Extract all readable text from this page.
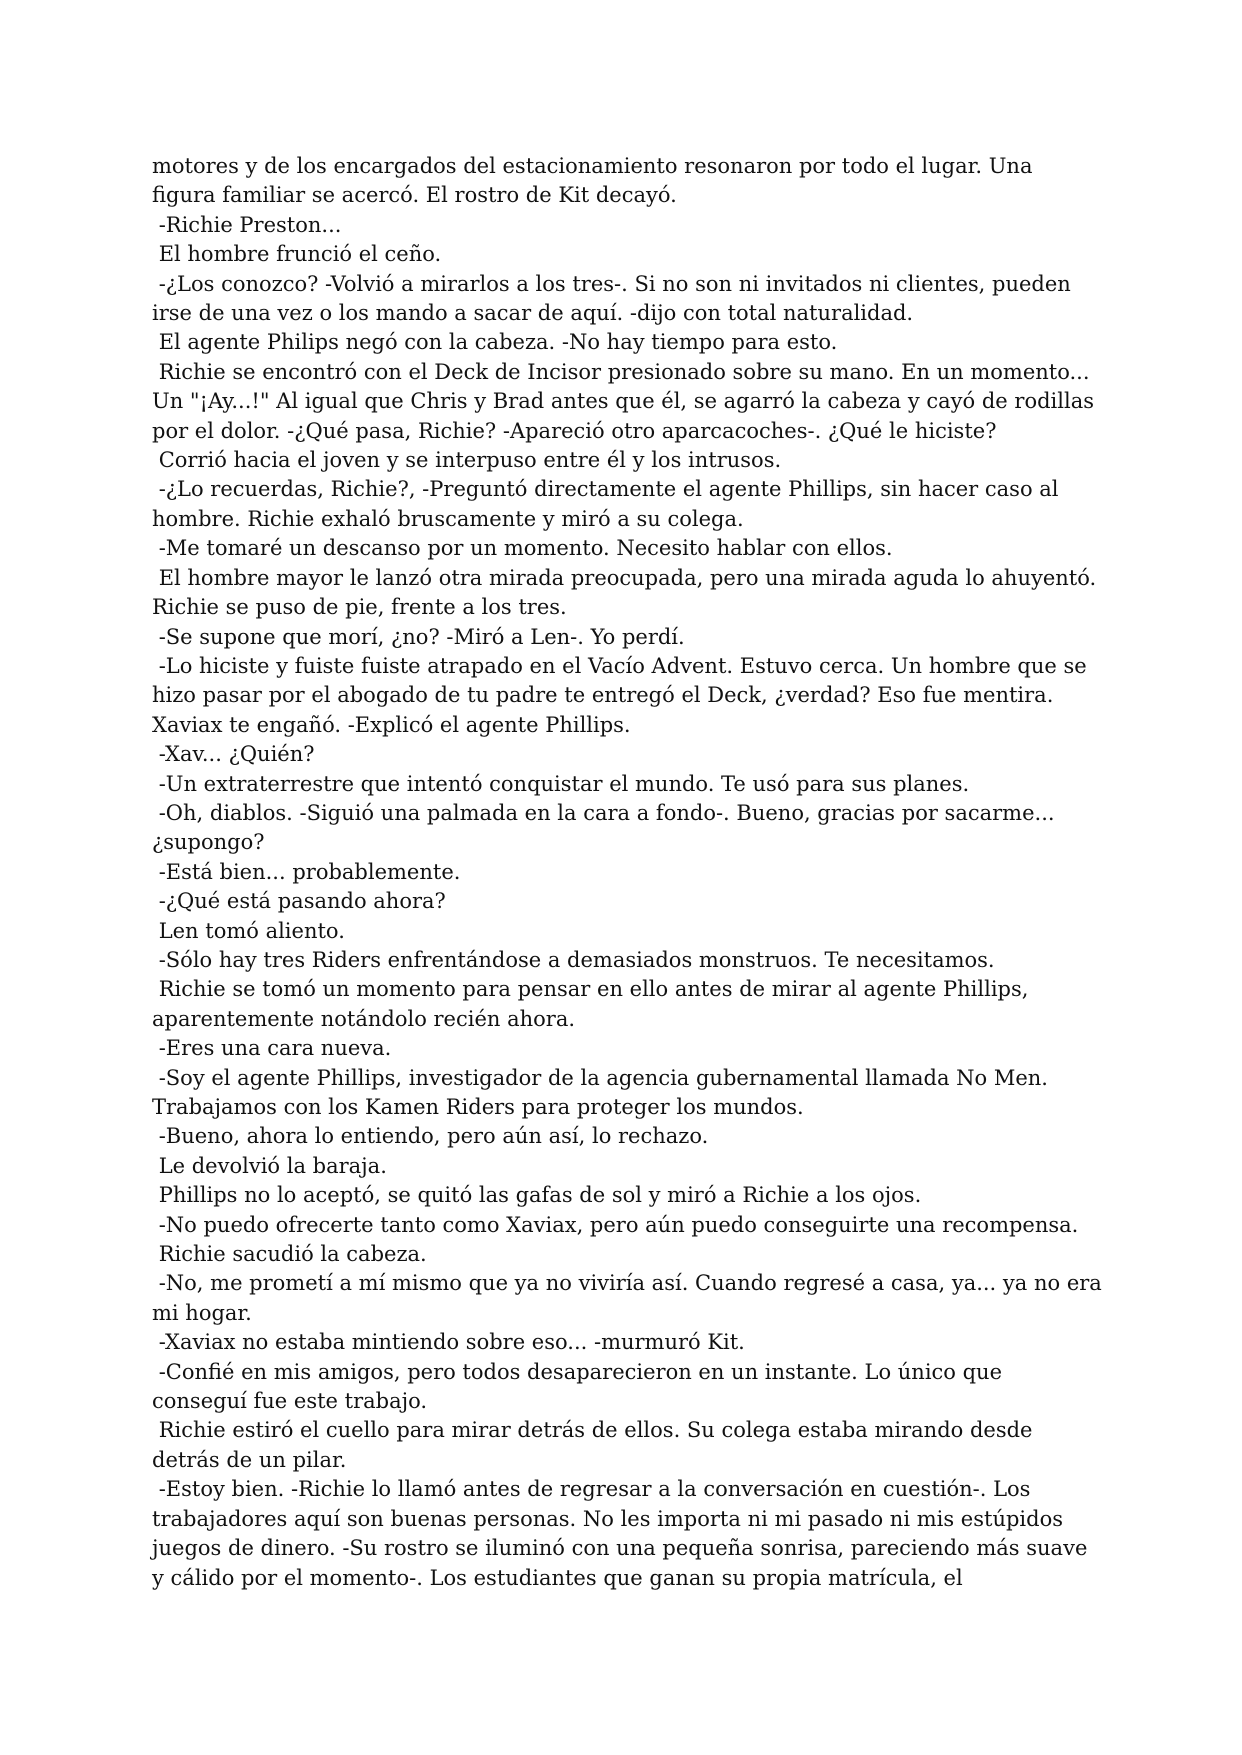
motores y de los encargados del estacionamiento resonaron por todo el lugar. Una figura familiar se acercó. El rostro de Kit decayó.

-Richie Preston...

El hombre frunció el ceño.

-¿Los conozco? -Volvió a mirarlos a los tres-. Si no son ni invitados ni clientes, pueden irse de una vez o los mando a sacar de aquí. -dijo con total naturalidad.

El agente Philips negó con la cabeza. -No hay tiempo para esto.

Richie se encontró con el Deck de Incisor presionado sobre su mano. En un momento... Un "¡Ay...!" Al igual que Chris y Brad antes que él, se agarró la cabeza y cayó de rodillas por el dolor. -¿Qué pasa, Richie? -Apareció otro aparcacoches-. ¿Qué le hiciste?

Corrió hacia el joven y se interpuso entre él y los intrusos.

-¿Lo recuerdas, Richie?, -Preguntó directamente el agente Phillips, sin hacer caso al hombre. Richie exhaló bruscamente y miró a su colega.

-Me tomaré un descanso por un momento. Necesito hablar con ellos.

El hombre mayor le lanzó otra mirada preocupada, pero una mirada aguda lo ahuyentó. Richie se puso de pie, frente a los tres.

-Se supone que morí, ¿no? -Miró a Len-. Yo perdí.

-Lo hiciste y fuiste fuiste atrapado en el Vacío Advent. Estuvo cerca. Un hombre que se hizo pasar por el abogado de tu padre te entregó el Deck, ¿verdad? Eso fue mentira. Xaviax te engañó. -Explicó el agente Phillips.

-Xav... ¿Quién?

-Un extraterrestre que intentó conquistar el mundo. Te usó para sus planes.

-Oh, diablos. -Siguió una palmada en la cara a fondo-. Bueno, gracias por sacarme... ¿supongo?

-Está bien... probablemente.

-¿Qué está pasando ahora?

Len tomó aliento.

-Sólo hay tres Riders enfrentándose a demasiados monstruos. Te necesitamos.

Richie se tomó un momento para pensar en ello antes de mirar al agente Phillips, aparentemente notándolo recién ahora.

-Eres una cara nueva.

-Soy el agente Phillips, investigador de la agencia gubernamental llamada No Men. Trabajamos con los Kamen Riders para proteger los mundos.

-Bueno, ahora lo entiendo, pero aún así, lo rechazo.

Le devolvió la baraja.

Phillips no lo aceptó, se quitó las gafas de sol y miró a Richie a los ojos.

-No puedo ofrecerte tanto como Xaviax, pero aún puedo conseguirte una recompensa.

Richie sacudió la cabeza.

-No, me prometí a mí mismo que ya no viviría así. Cuando regresé a casa, ya... ya no era mi hogar.

-Xaviax no estaba mintiendo sobre eso... -murmuró Kit.

-Confié en mis amigos, pero todos desaparecieron en un instante. Lo único que conseguí fue este trabajo.

Richie estiró el cuello para mirar detrás de ellos. Su colega estaba mirando desde detrás de un pilar.

-Estoy bien. -Richie lo llamó antes de regresar a la conversación en cuestión-. Los trabajadores aquí son buenas personas. No les importa ni mi pasado ni mis estúpidos juegos de dinero. -Su rostro se iluminó con una pequeña sonrisa, pareciendo más suave y cálido por el momento-. Los estudiantes que ganan su propia matrícula, el
